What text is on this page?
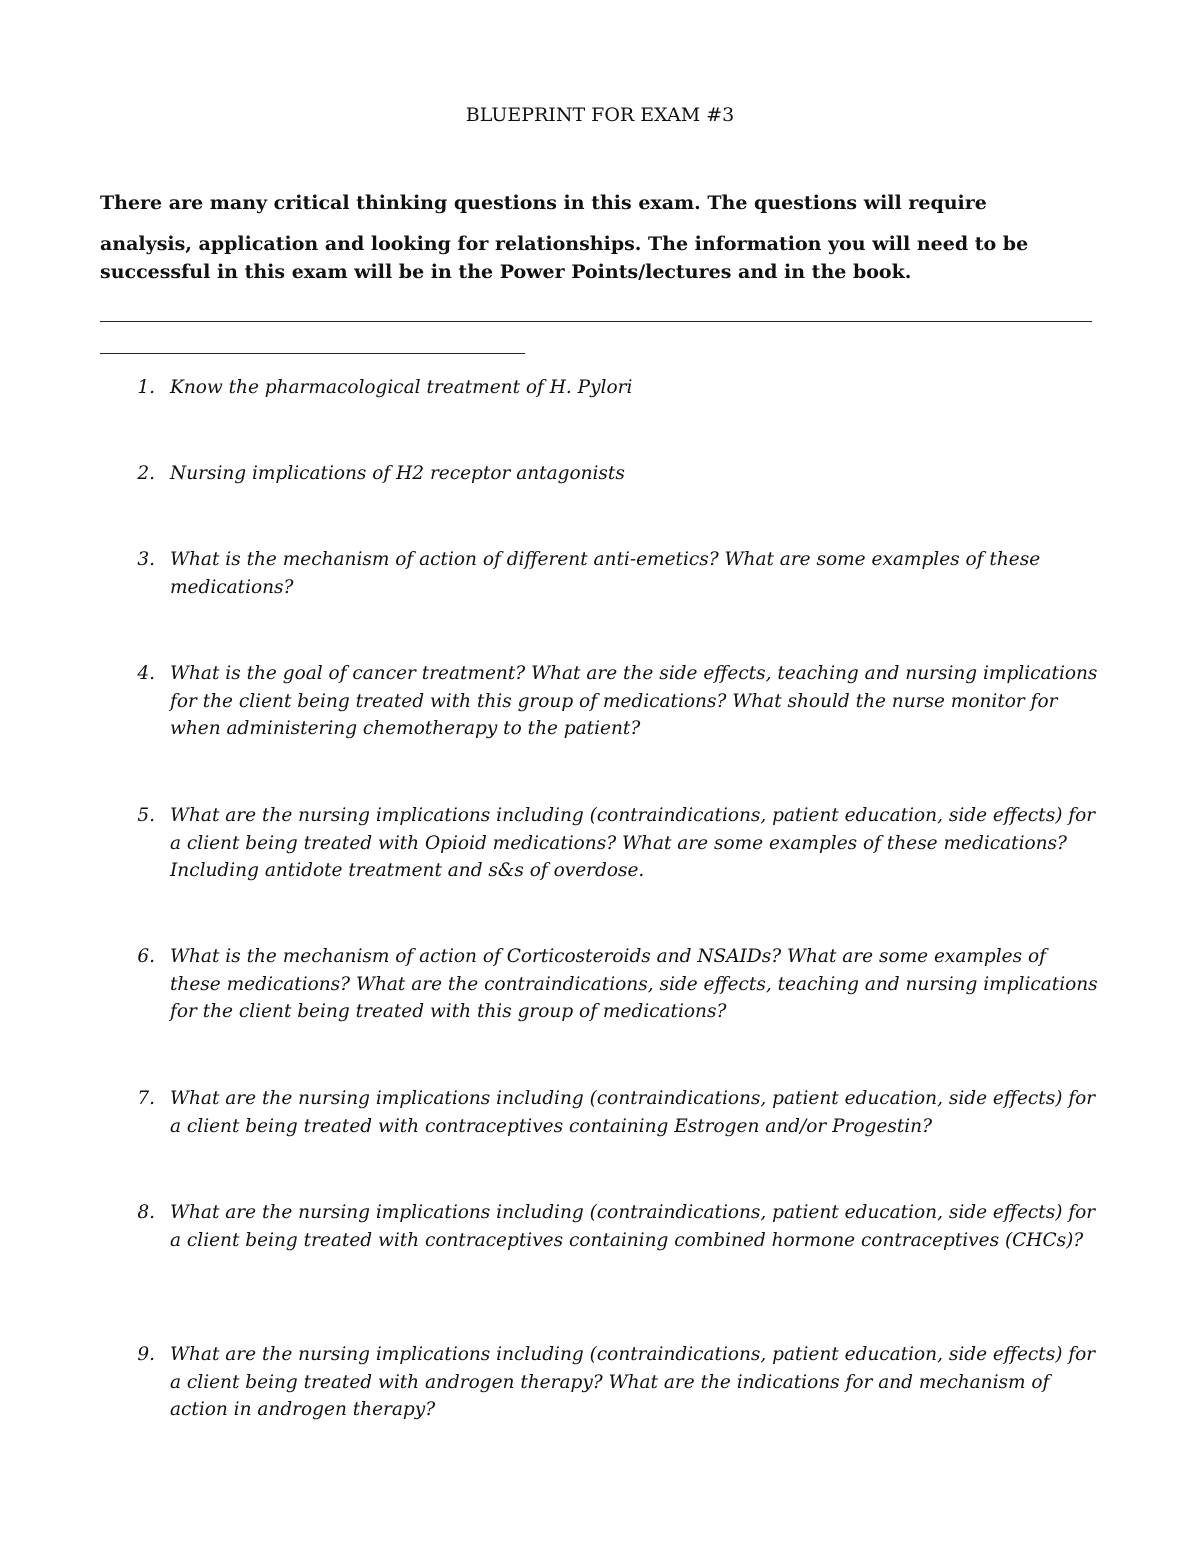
BLUEPRINT FOR EXAM #3

There are many critical thinking questions in this exam. The questions will require

analysis, application and looking for relationships. The information you will need to be successful in this exam will be in the Power Points/lectures and in the book.

1. Know the pharmacological treatment of H. Pylori
2. Nursing implications of H2 receptor antagonists
3. What is the mechanism of action of different anti-emetics? What are some examples of these medications?
4. What is the goal of cancer treatment? What are the side effects, teaching and nursing implications for the client being treated with this group of medications? What should the nurse monitor for when administering chemotherapy to the patient?
5. What are the nursing implications including (contraindications, patient education, side effects) for a client being treated with Opioid medications? What are some examples of these medications? Including antidote treatment and s&s of overdose.
6. What is the mechanism of action of Corticosteroids and NSAIDs? What are some examples of these medications? What are the contraindications, side effects, teaching and nursing implications for the client being treated with this group of medications?
7. What are the nursing implications including (contraindications, patient education, side effects) for a client being treated with contraceptives containing Estrogen and/or Progestin?
8. What are the nursing implications including (contraindications, patient education, side effects) for a client being treated with contraceptives containing combined hormone contraceptives (CHCs)?
9. What are the nursing implications including (contraindications, patient education, side effects) for a client being treated with androgen therapy? What are the indications for and mechanism of action in androgen therapy?
